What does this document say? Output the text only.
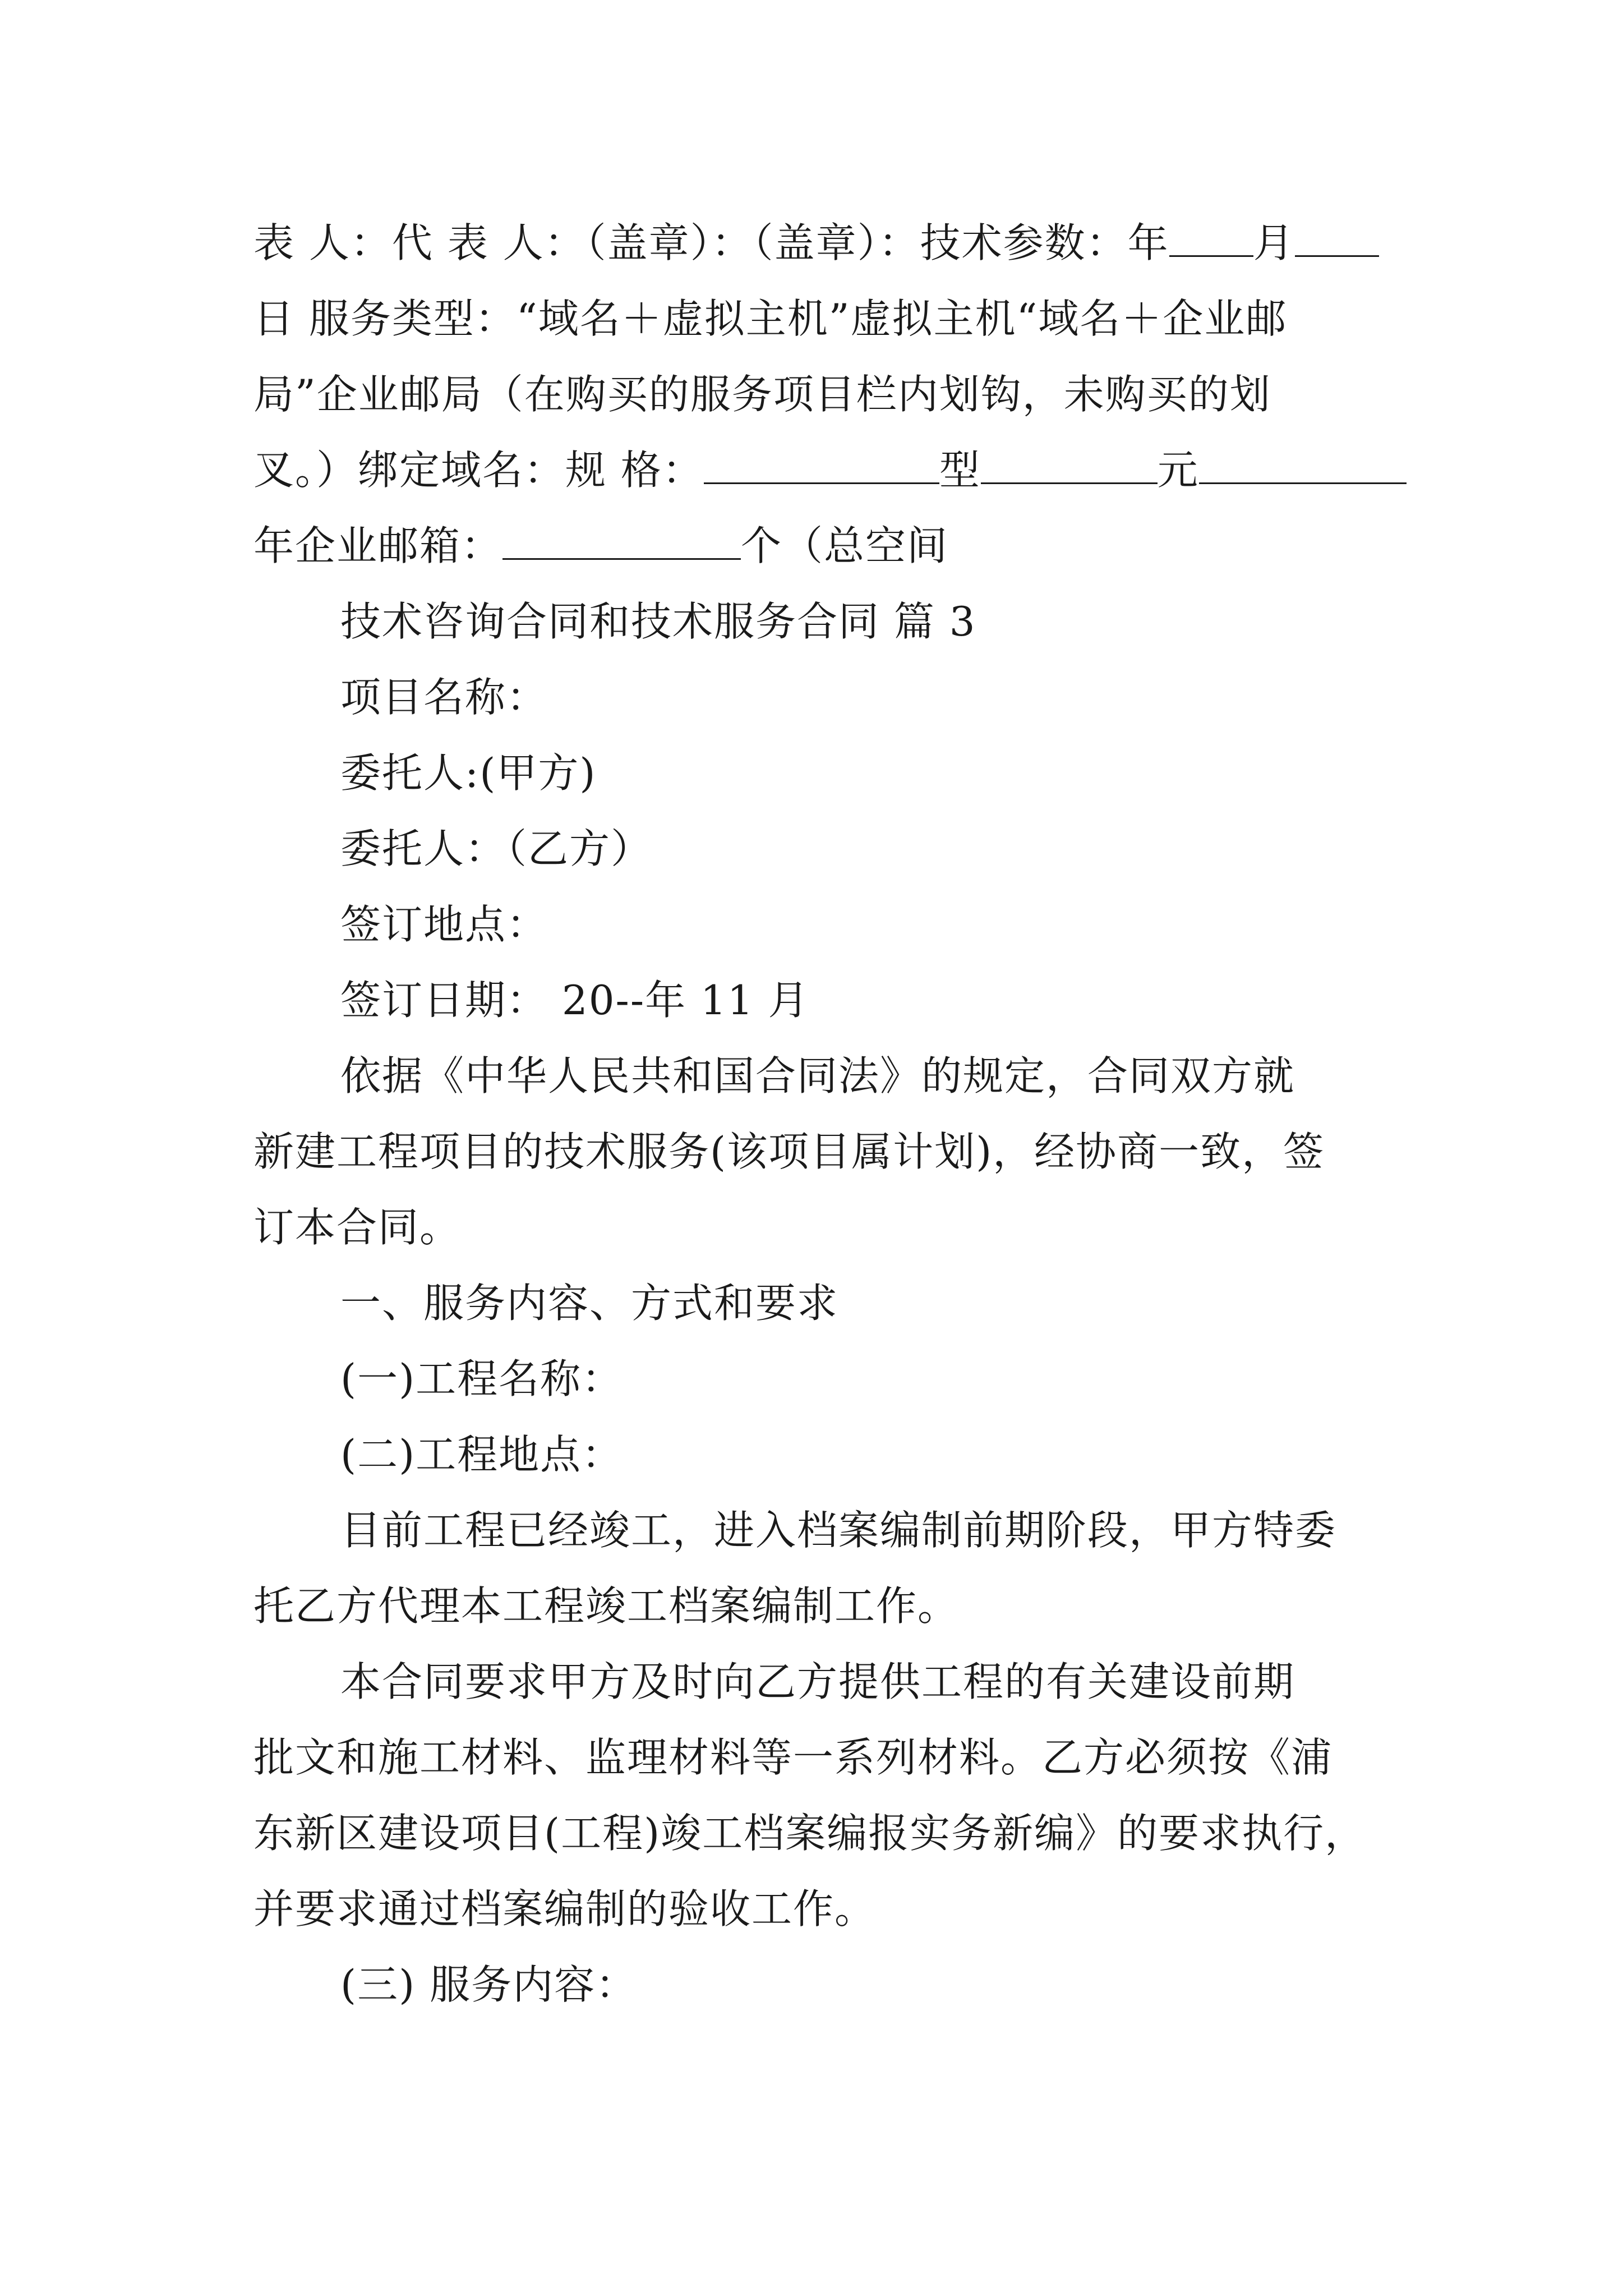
表 人：代 表 人：（盖章）：（盖章）：技术参数：年 月
日 服务类型：“域名＋虚拟主机”虚拟主机“域名＋企业邮
局”企业邮局（在购买的服务项目栏内划钩，未购买的划
叉。）绑定域名：规 格：	型	元
年企业邮箱：	个（总空间
技术咨询合同和技术服务合同 篇 3
项目名称：
委托人:(甲方)
委托人：（乙方）
签订地点：
签订日期： 20--年 11 月
依据《中华人民共和国合同法》的规定，合同双方就
新建工程项目的技术服务(该项目属计划)，经协商一致，签
订本合同。
一、服务内容、方式和要求
(一)工程名称：
(二)工程地点：
目前工程已经竣工，进入档案编制前期阶段，甲方特委
托乙方代理本工程竣工档案编制工作。
本合同要求甲方及时向乙方提供工程的有关建设前期
批文和施工材料、监理材料等一系列材料。乙方必须按《浦
东新区建设项目(工程)竣工档案编报实务新编》的要求执行，
并要求通过档案编制的验收工作。
(三) 服务内容：
